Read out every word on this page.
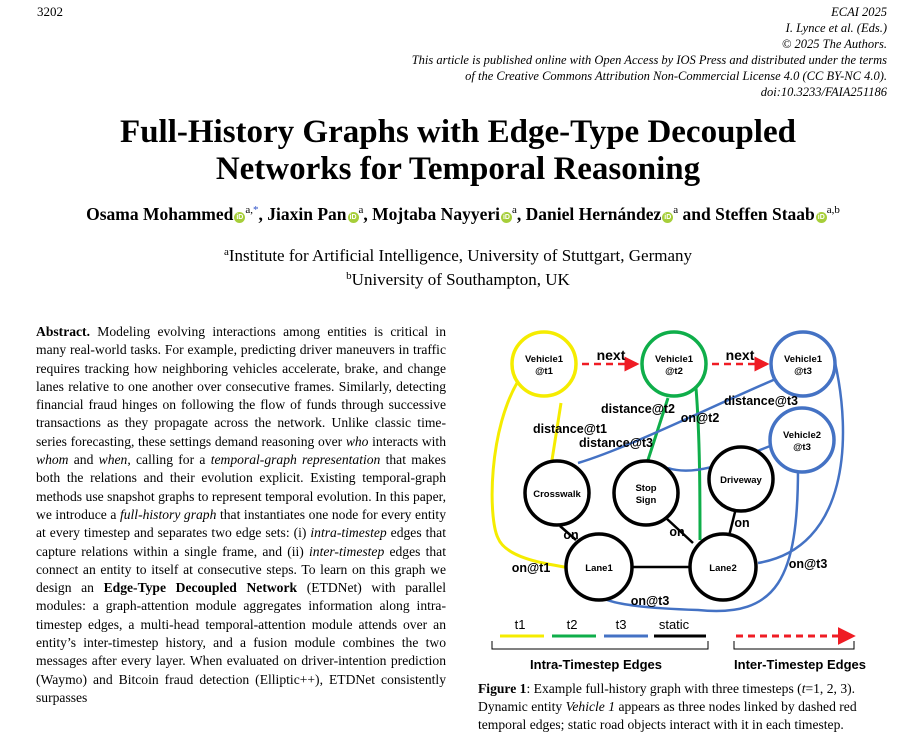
3202	ECAI 2025
I. Lynce et al. (Eds.)
© 2025 The Authors.
This article is published online with Open Access by IOS Press and distributed under the terms
of the Creative Commons Attribution Non-Commercial License 4.0 (CC BY-NC 4.0).
doi:10.3233/FAIA251186
Full-History Graphs with Edge-Type Decoupled
Networks for Temporal Reasoning
Osama Mohammed $iD^{a,*}$, Jiaxin Pan $iD^a$, Mojtaba Nayyeri $iD^a$, Daniel Hernández $iD^a$ and Steffen Staab iD$^{a,b}$
$^a$Institute for Artificial Intelligence, University of Stuttgart, Germany
$^b$University of Southampton, UK
Abstract. Modeling evolving interactions among entities is critical in many real-world tasks. For example, predicting driver maneuvers in traffic requires tracking how neighboring vehicles accelerate, brake, and change lanes relative to one another over consecutive frames. Similarly, detecting financial fraud hinges on following the flow of funds through successive transactions as they propagate across the network. Unlike classic time-series forecasting, these settings demand reasoning over who interacts with whom and when, calling for a temporal-graph representation that makes both the relations and their evolution explicit. Existing temporal-graph methods use snapshot graphs to represent temporal evolution. In this paper, we introduce a full-history graph that instantiates one node for every entity at every timestep and separates two edge sets: (i) intra-timestep edges that capture relations within a single frame, and (ii) inter-timestep edges that connect an entity to itself at consecutive steps. To learn on this graph we design an Edge-Type Decoupled Network (ETDNet) with parallel modules: a graph-attention module aggregates information along intra-timestep edges, a multi-head temporal-attention module attends over an entity’s inter-timestep history, and a fusion module combines the two messages after every layer. When evaluated on driver-intention prediction (Waymo) and Bitcoin fraud detection (Elliptic++), ETDNet consistently surpasses
Vehicle1 @t1
Vehicle1 @t2
Vehicle1 @t3
Vehicle2 @t3
Crosswalk
Stop Sign
Driveway
Lane1	Lane2
next	next
distance@t2
distance@t3
distance@t1
distance@t3
on@t2
on	on
on
on@t1	on@t3
on@t3
t1	t2	t3 static
Intra-Timestep Edges	Inter-Timestep Edges
Figure 1: Example full-history graph with three timesteps (t=1, 2, 3). Dynamic entity Vehicle 1 appears as three nodes linked by dashed red temporal edges; static road objects interact with it in each timestep.
